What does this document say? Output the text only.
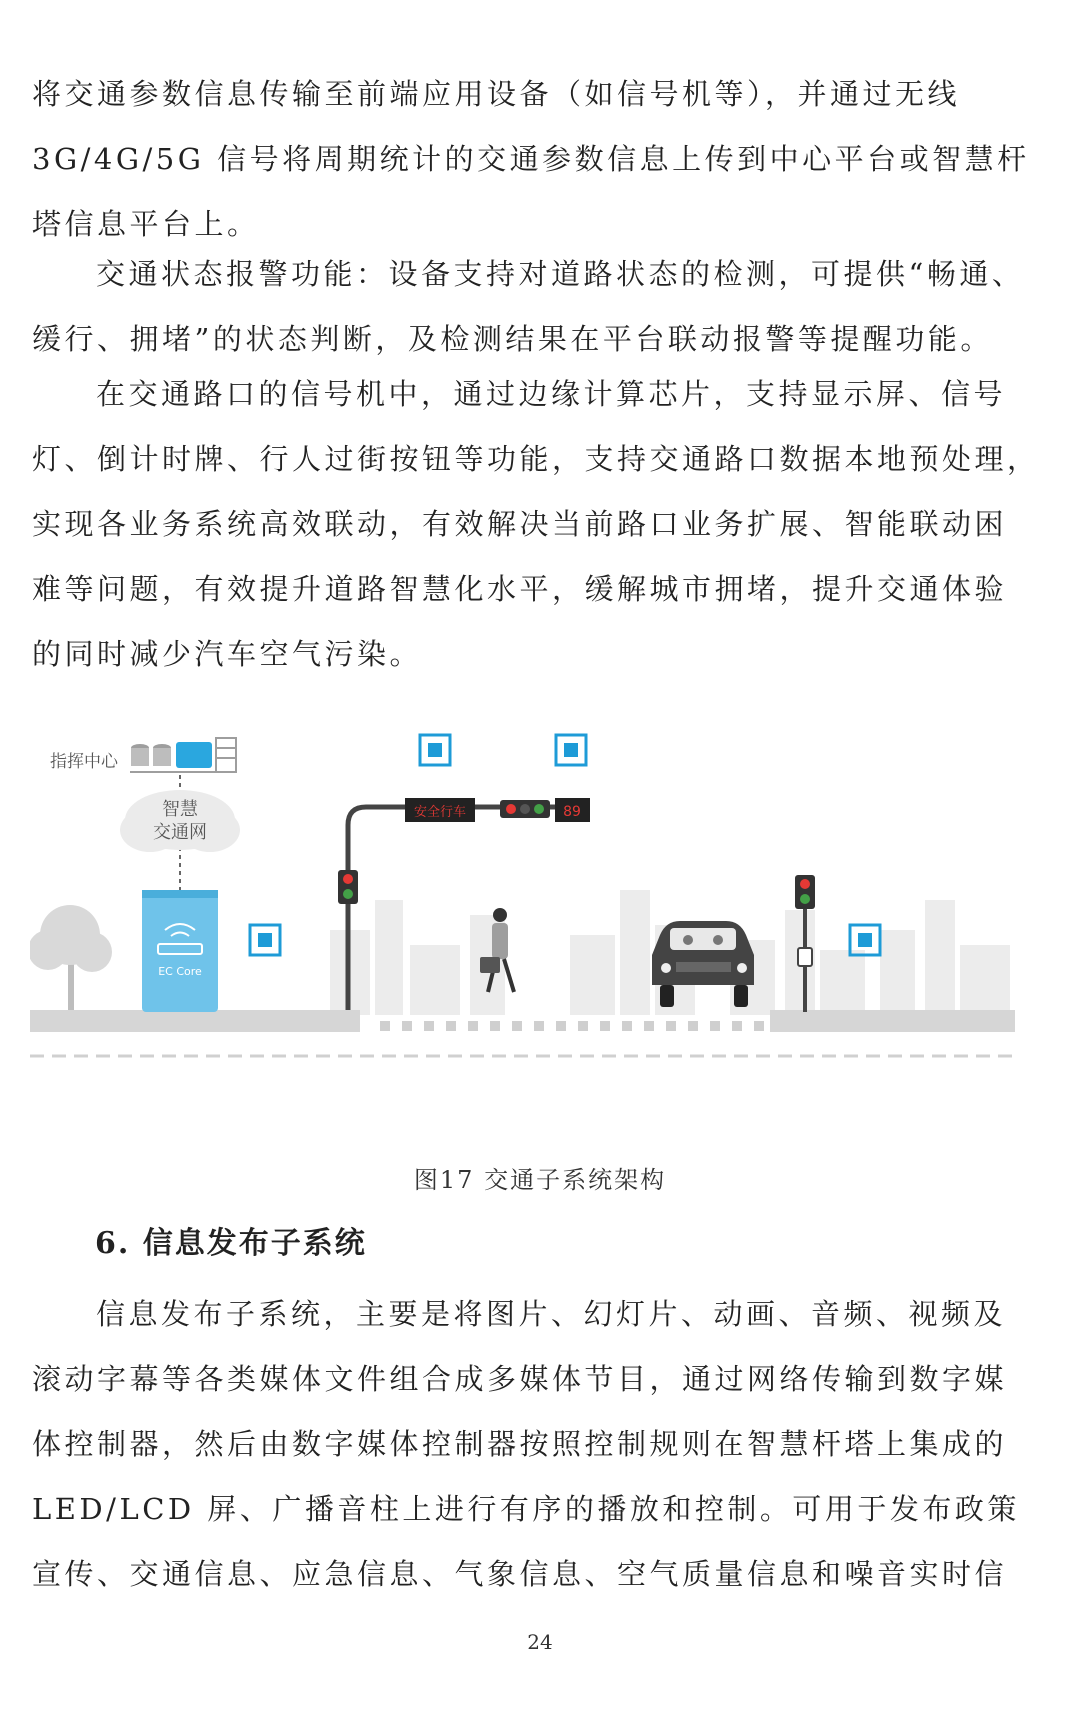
将交通参数信息传输至前端应用设备（如信号机等），并通过无线
3G/4G/5G 信号将周期统计的交通参数信息上传到中心平台或智慧杆
塔信息平台上。

交通状态报警功能：设备支持对道路状态的检测，可提供“畅通、
缓行、拥堵”的状态判断，及检测结果在平台联动报警等提醒功能。

在交通路口的信号机中，通过边缘计算芯片，支持显示屏、信号
灯、倒计时牌、行人过街按钮等功能，支持交通路口数据本地预处理，
实现各业务系统高效联动，有效解决当前路口业务扩展、智能联动困
难等问题，有效提升道路智慧化水平，缓解城市拥堵，提升交通体验
的同时减少汽车空气污染。

指挥中心
智慧
交通网
EC Core
安全行车	89
图17 交通子系统架构
6. 信息发布子系统

信息发布子系统，主要是将图片、幻灯片、动画、音频、视频及
滚动字幕等各类媒体文件组合成多媒体节目，通过网络传输到数字媒
体控制器，然后由数字媒体控制器按照控制规则在智慧杆塔上集成的
LED/LCD 屏、广播音柱上进行有序的播放和控制。可用于发布政策
宣传、交通信息、应急信息、气象信息、空气质量信息和噪音实时信

24
